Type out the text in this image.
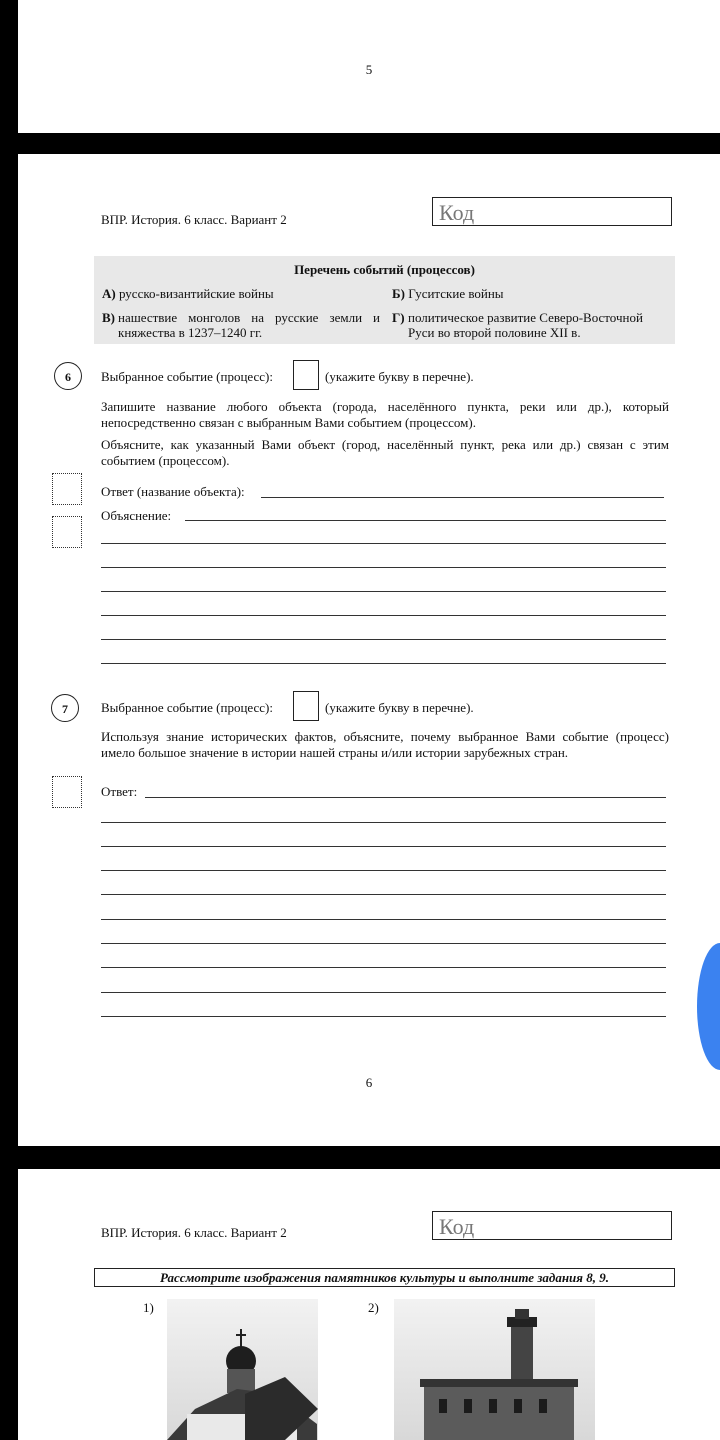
5
ВПР. История. 6 класс. Вариант 2	Код
Перечень событий (процессов)
А) русско-византийские войны	Б) Гуситские войны
В) нашествие монголов на русские земли и княжества в 1237–1240 гг.
Г) политическое развитие Северо-Восточной Руси во второй половине XII в.
6	Выбранное событие (процесс):	(укажите букву в перечне).
Запишите название любого объекта (города, населённого пункта, реки или др.), который непосредственно связан с выбранным Вами событием (процессом).
Объясните, как указанный Вами объект (город, населённый пункт, река или др.) связан с этим событием (процессом).
Ответ (название объекта):
Объяснение:
7	Выбранное событие (процесс):	(укажите букву в перечне).
Используя знание исторических фактов, объясните, почему выбранное Вами событие (процесс) имело большое значение в истории нашей страны и/или истории зарубежных стран.
Ответ:
6
ВПР. История. 6 класс. Вариант 2	Код
Рассмотрите изображения памятников культуры и выполните задания 8, 9.
1)	2)
